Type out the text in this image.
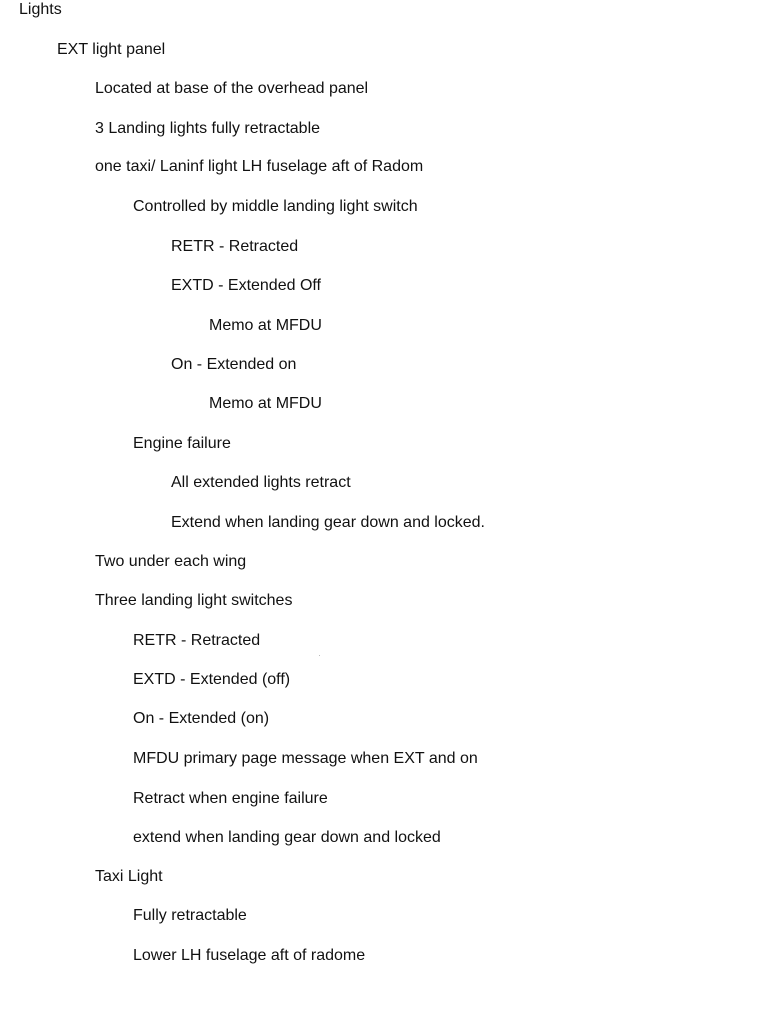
Lights

EXT light panel

Located at base of the overhead panel

3 Landing lights fully retractable

one taxi/ Laninf light LH fuselage aft of Radom

Controlled by middle landing light switch

RETR - Retracted

EXTD - Extended Off

Memo at MFDU

On - Extended on

Memo at MFDU

Engine failure

All extended lights retract

Extend when landing gear down and locked.

Two under each wing

Three landing light switches

RETR - Retracted

EXTD - Extended (off)

On - Extended (on)

MFDU primary page message when EXT and on

Retract when engine failure

extend when landing gear down and locked

Taxi Light

Fully retractable

Lower LH fuselage aft of radome
